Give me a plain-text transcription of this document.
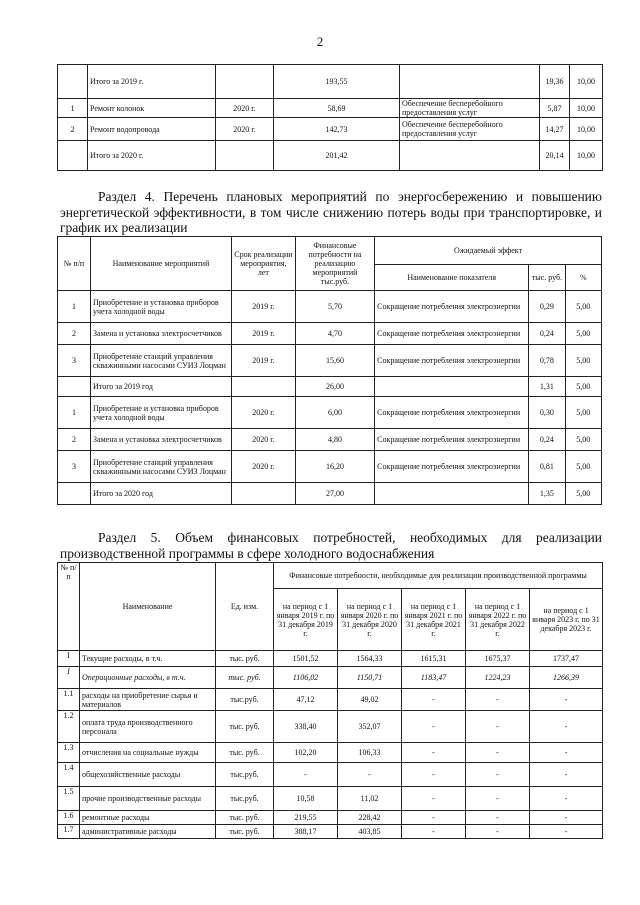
2
	Итого за 2019 г.		193,55		19,36	10,00
1	Ремонт колонок	2020 г.	58,69	Обеспечение бесперебойного предоставления услуг	5,87	10,00
2	Ремонт водопровода	2020 г.	142,73	Обеспечение бесперебойного предоставления услуг	14,27	10,00
	Итого за 2020 г.		201,42		20,14	10,00

Раздел 4. Перечень плановых мероприятий по энергосбережению и повышению энергетической эффективности, в том числе снижению потерь воды при транспортировке, и график их реализации

№ п/п	Наименование мероприятий	Срок реализации мероприятия, лет	Финансовые потребности на реализацию мероприятий тыс.руб.	Ожидаемый эффект		
				Наименование показателя	тыс. руб.	%
1	Приобретение и установка приборов учета холодной воды	2019 г.	5,70	Сокращение потребления электроэнергии	0,29	5,00
2	Замена и установка электросчетчиков	2019 г.	4,70	Сокращение потребления электроэнергии	0,24	5,00
3	Приобретение станций управления скважинными насосами СУИЗ Лоцман	2019 г.	15,60	Сокращение потребления электроэнергии	0,78	5,00
	Итого за 2019 год		26,00		1,31	5,00
1	Приобретение и установка приборов учета холодной воды	2020 г.	6,00	Сокращение потребления электроэнергии	0,30	5,00
2	Замена и установка электросчетчиков	2020 г.	4,80	Сокращение потребления электроэнергии	0,24	5,00
3	Приобретение станций управления скважинными насосами СУИЗ Лоцман	2020 г.	16,20	Сокращение потребления электроэнергии	0,81	5,00
	Итого за 2020 год		27,00		1,35	5,00

Раздел 5. Объем финансовых потребностей, необходимых для реализации производственной программы в сфере холодного водоснабжения

№ п/п	Наименование	Ед. изм.	Финансовые потребности, необходимые для реализации производственной программы				
			на период с 1 января 2019 г. по 31 декабря 2019 г.	на период с 1 января 2020 г. по 31 декабря 2020 г.	на период с 1 января 2021 г. по 31 декабря 2021 г.	на период с 1 января 2022 г. по 31 декабря 2022 г.	на период с 1 января 2023 г. по 31 декабря 2023 г.
I	Текущие расходы, в т.ч.	тыс. руб.	1501,52	1564,33	1615,31	1675,37	1737,47
I	Операционные расходы, в т.ч.	тыс. руб.	1106,02	1150,71	1183,47	1224,23	1266,39
1.1	расходы на приобретение сырья и материалов	тыс.руб.	47,12	49,02	-	-	-
1.2	оплата труда производственного персонала	тыс. руб.	338,40	352,07	-	-	-
1.3	отчисления на социальные нужды	тыс. руб.	102,20	106,33	-	-	-
1.4	общехозяйственные расходы	тыс.руб.	-	-	-	-	-
1.5	прочие производственные расходы	тыс.руб.	10,58	11,02	-	-	-
1.6	ремонтные расходы	тыс. руб.	219,55	228,42	-	-	-
1.7	административные расходы	тыс. руб.	388,17	403,85	-	-	-
